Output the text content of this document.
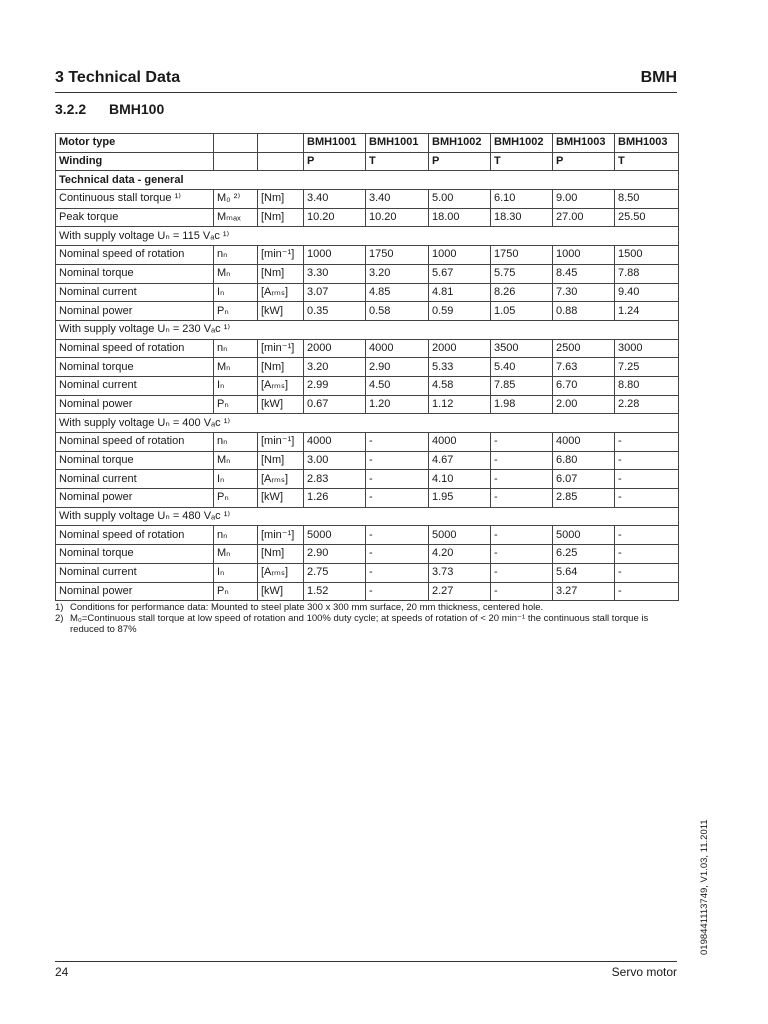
3 Technical Data	BMH
3.2.2 BMH100
Motor type			BMH1001	BMH1001	BMH1002	BMH1002	BMH1003	BMH1003
Winding			P	T	P	T	P	T
Technical data - general								
Continuous stall torque ¹⁾	M₀ ²⁾	[Nm]	3.40	3.40	5.00	6.10	9.00	8.50
Peak torque	Mₘₐₓ	[Nm]	10.20	10.20	18.00	18.30	27.00	25.50
With supply voltage Uₙ = 115 Vₐc ¹⁾								
Nominal speed of rotation	nₙ	[min⁻¹]	1000	1750	1000	1750	1000	1500
Nominal torque	Mₙ	[Nm]	3.30	3.20	5.67	5.75	8.45	7.88
Nominal current	Iₙ	[Aᵣₘₛ]	3.07	4.85	4.81	8.26	7.30	9.40
Nominal power	Pₙ	[kW]	0.35	0.58	0.59	1.05	0.88	1.24
With supply voltage Uₙ = 230 Vₐc ¹⁾								
Nominal speed of rotation	nₙ	[min⁻¹]	2000	4000	2000	3500	2500	3000
Nominal torque	Mₙ	[Nm]	3.20	2.90	5.33	5.40	7.63	7.25
Nominal current	Iₙ	[Aᵣₘₛ]	2.99	4.50	4.58	7.85	6.70	8.80
Nominal power	Pₙ	[kW]	0.67	1.20	1.12	1.98	2.00	2.28
With supply voltage Uₙ = 400 Vₐc ¹⁾								
Nominal speed of rotation	nₙ	[min⁻¹]	4000	-	4000	-	4000	-
Nominal torque	Mₙ	[Nm]	3.00	-	4.67	-	6.80	-
Nominal current	Iₙ	[Aᵣₘₛ]	2.83	-	4.10	-	6.07	-
Nominal power	Pₙ	[kW]	1.26	-	1.95	-	2.85	-
With supply voltage Uₙ = 480 Vₐc ¹⁾								
Nominal speed of rotation	nₙ	[min⁻¹]	5000	-	5000	-	5000	-
Nominal torque	Mₙ	[Nm]	2.90	-	4.20	-	6.25	-
Nominal current	Iₙ	[Aᵣₘₛ]	2.75	-	3.73	-	5.64	-
Nominal power	Pₙ	[kW]	1.52	-	2.27	-	3.27	-
1) Conditions for performance data: Mounted to steel plate 300 x 300 mm surface, 20 mm thickness, centered hole.
2) M₀=Continuous stall torque at low speed of rotation and 100% duty cycle; at speeds of rotation of < 20 min⁻¹ the continuous stall torque is reduced to 87%
0198441113749, V1.03, 11.2011
24	Servo motor
